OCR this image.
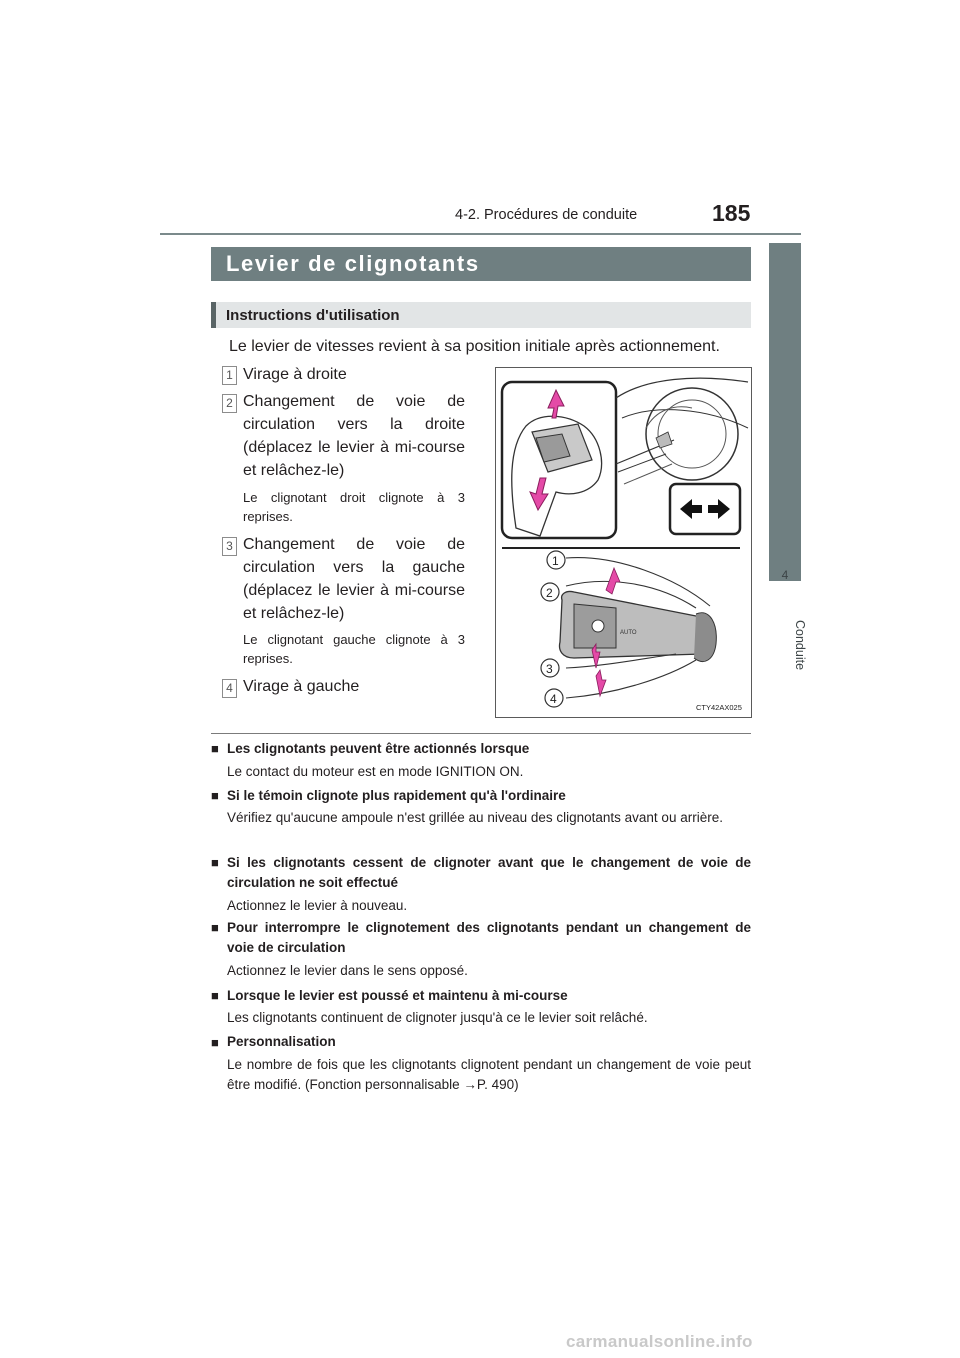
4-2. Procédures de conduite	185
4
Conduite
Levier de clignotants
Instructions d'utilisation
Le levier de vitesses revient à sa position initiale après actionnement.
1 Virage à droite
2 Changement de voie de circulation vers la droite (déplacez le levier à mi-course et relâchez-le)
Le clignotant droit clignote à 3 reprises.
3 Changement de voie de circulation vers la gauche (déplacez le levier à mi-course et relâchez-le)
Le clignotant gauche clignote à 3 reprises.
4 Virage à gauche
AUTO
1
2
3
4
CTY42AX025
■ Les clignotants peuvent être actionnés lorsque
Le contact du moteur est en mode IGNITION ON.
■ Si le témoin clignote plus rapidement qu'à l'ordinaire
Vérifiez qu'aucune ampoule n'est grillée au niveau des clignotants avant ou arrière.
■ Si les clignotants cessent de clignoter avant que le changement de voie de circulation ne soit effectué
Actionnez le levier à nouveau.
■ Pour interrompre le clignotement des clignotants pendant un changement de voie de circulation
Actionnez le levier dans le sens opposé.
■ Lorsque le levier est poussé et maintenu à mi-course
Les clignotants continuent de clignoter jusqu'à ce le levier soit relâché.
■ Personnalisation
Le nombre de fois que les clignotants clignotent pendant un changement de voie peut être modifié. (Fonction personnalisable →P. 490)
carmanualsonline.info
